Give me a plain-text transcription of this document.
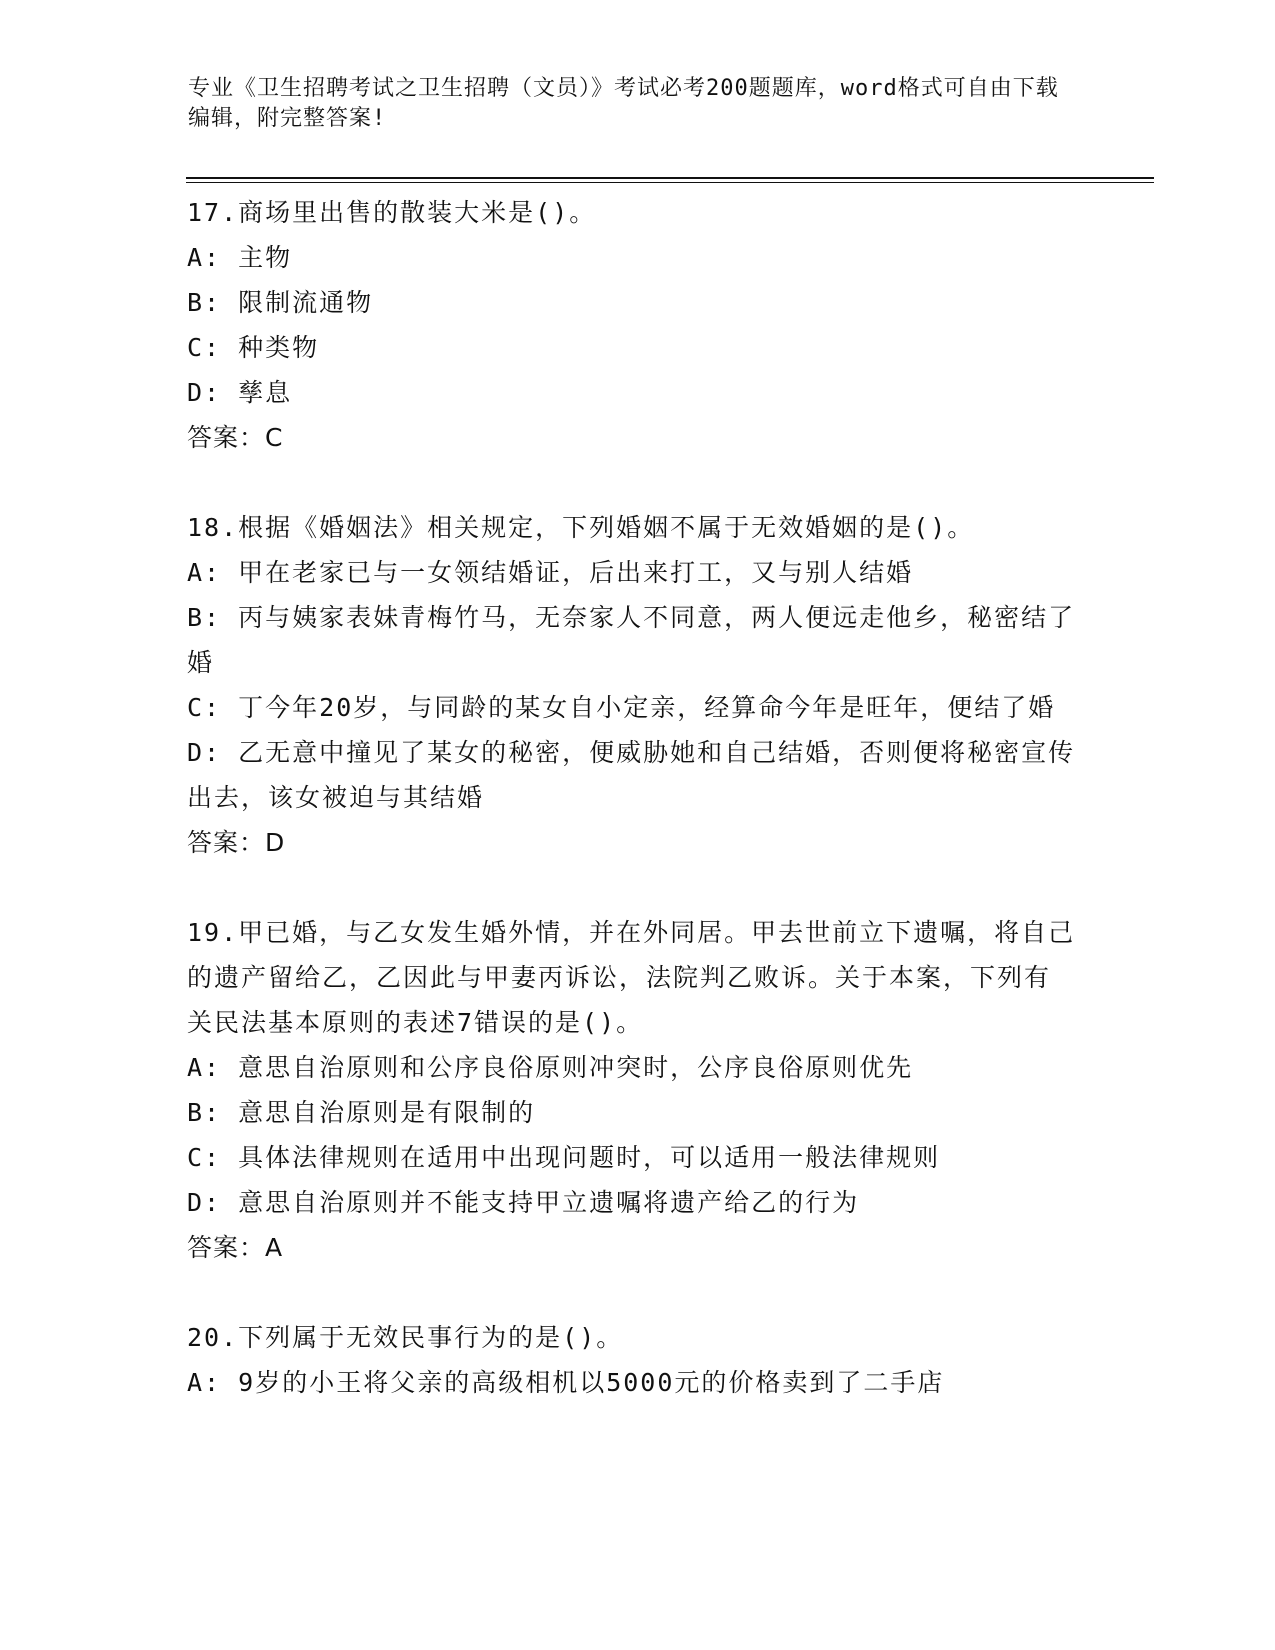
专业《卫生招聘考试之卫生招聘（文员）》考试必考200题题库，word格式可自由下载编辑，附完整答案!
17.商场里出售的散装大米是()。
A: 主物
B: 限制流通物
C: 种类物
D: 孳息
答案：C
18.根据《婚姻法》相关规定，下列婚姻不属于无效婚姻的是()。
A: 甲在老家已与一女领结婚证，后出来打工，又与别人结婚
B: 丙与姨家表妹青梅竹马，无奈家人不同意，两人便远走他乡，秘密结了婚
C: 丁今年20岁，与同龄的某女自小定亲，经算命今年是旺年，便结了婚
D: 乙无意中撞见了某女的秘密，便威胁她和自己结婚，否则便将秘密宣传出去，该女被迫与其结婚
答案：D
19.甲已婚，与乙女发生婚外情，并在外同居。甲去世前立下遗嘱，将自己的遗产留给乙，乙因此与甲妻丙诉讼，法院判乙败诉。关于本案，下列有关民法基本原则的表述7错误的是()。
A: 意思自治原则和公序良俗原则冲突时，公序良俗原则优先
B: 意思自治原则是有限制的
C: 具体法律规则在适用中出现问题时，可以适用一般法律规则
D: 意思自治原则并不能支持甲立遗嘱将遗产给乙的行为
答案：A
20.下列属于无效民事行为的是()。
A: 9岁的小王将父亲的高级相机以5000元的价格卖到了二手店
